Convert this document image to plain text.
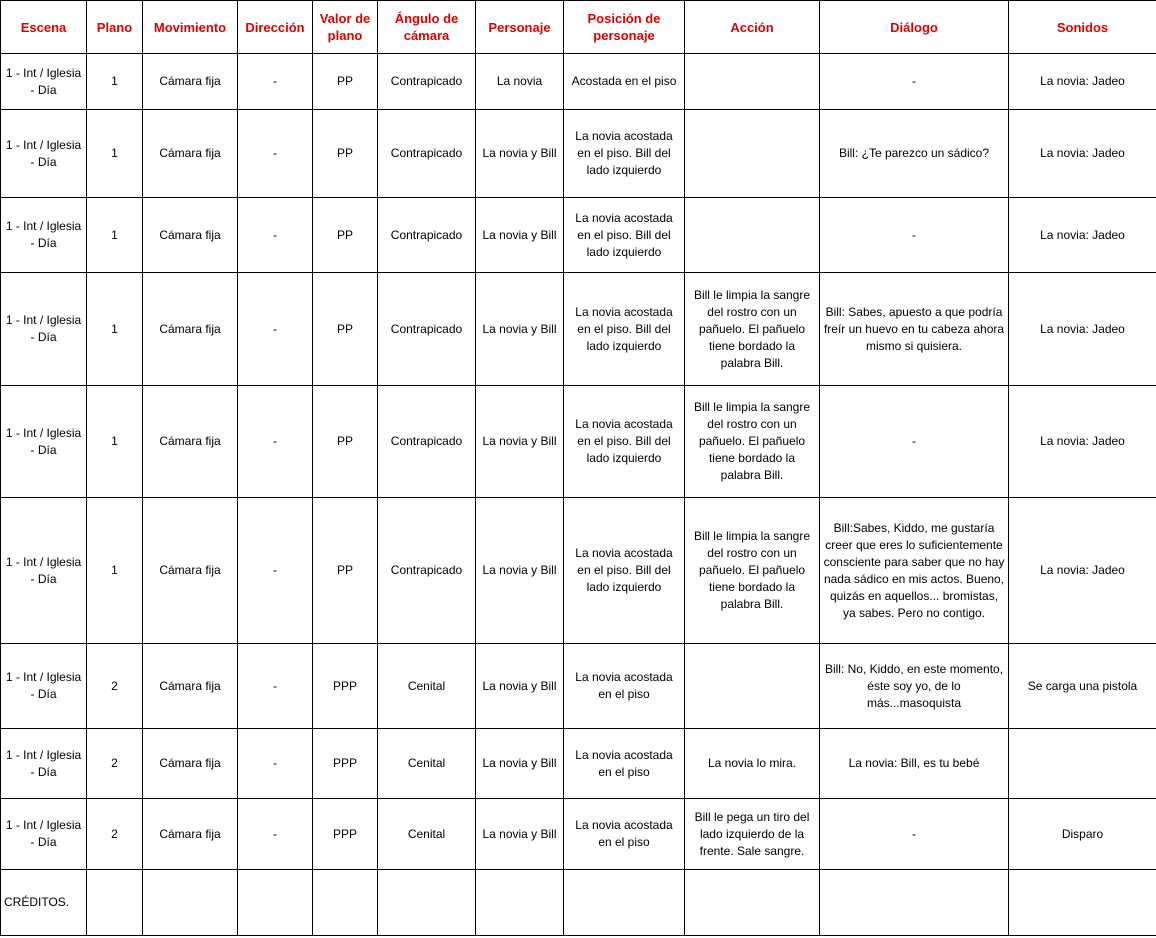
Escena	Plano	Movimiento	Dirección	Valor de plano	Ángulo de cámara	Personaje	Posición de personaje	Acción	Diálogo	Sonidos
1 - Int / Iglesia - Día	1	Cámara fija	-	PP	Contrapicado	La novia	Acostada en el piso		-	La novia: Jadeo
1 - Int / Iglesia - Día	1	Cámara fija	-	PP	Contrapicado	La novia y Bill	La novia acostada en el piso. Bill del lado izquierdo		Bill: ¿Te parezco un sádico?	La novia: Jadeo
1 - Int / Iglesia - Día	1	Cámara fija	-	PP	Contrapicado	La novia y Bill	La novia acostada en el piso. Bill del lado izquierdo		-	La novia: Jadeo
1 - Int / Iglesia - Día	1	Cámara fija	-	PP	Contrapicado	La novia y Bill	La novia acostada en el piso. Bill del lado izquierdo	Bill le limpia la sangre del rostro con un pañuelo. El pañuelo tiene bordado la palabra Bill.	Bill: Sabes, apuesto a que podría freír un huevo en tu cabeza ahora mismo si quisiera.	La novia: Jadeo
1 - Int / Iglesia - Día	1	Cámara fija	-	PP	Contrapicado	La novia y Bill	La novia acostada en el piso. Bill del lado izquierdo	Bill le limpia la sangre del rostro con un pañuelo. El pañuelo tiene bordado la palabra Bill.	-	La novia: Jadeo
1 - Int / Iglesia - Día	1	Cámara fija	-	PP	Contrapicado	La novia y Bill	La novia acostada en el piso. Bill del lado izquierdo	Bill le limpia la sangre del rostro con un pañuelo. El pañuelo tiene bordado la palabra Bill.	Bill:Sabes, Kiddo, me gustaría creer que eres lo suficientemente consciente para saber que no hay nada sádico en mis actos. Bueno, quizás en aquellos... bromistas, ya sabes. Pero no contigo.	La novia: Jadeo
1 - Int / Iglesia - Día	2	Cámara fija	-	PPP	Cenital	La novia y Bill	La novia acostada en el piso		Bill: No, Kiddo, en este momento, éste soy yo, de lo más...masoquista	Se carga una pistola
1 - Int / Iglesia - Día	2	Cámara fija	-	PPP	Cenital	La novia y Bill	La novia acostada en el piso	La novia lo mira.	La novia: Bill, es tu bebé	
1 - Int / Iglesia - Día	2	Cámara fija	-	PPP	Cenital	La novia y Bill	La novia acostada en el piso	Bill le pega un tiro del lado izquierdo de la frente. Sale sangre.	-	Disparo
CRÉDITOS.										
